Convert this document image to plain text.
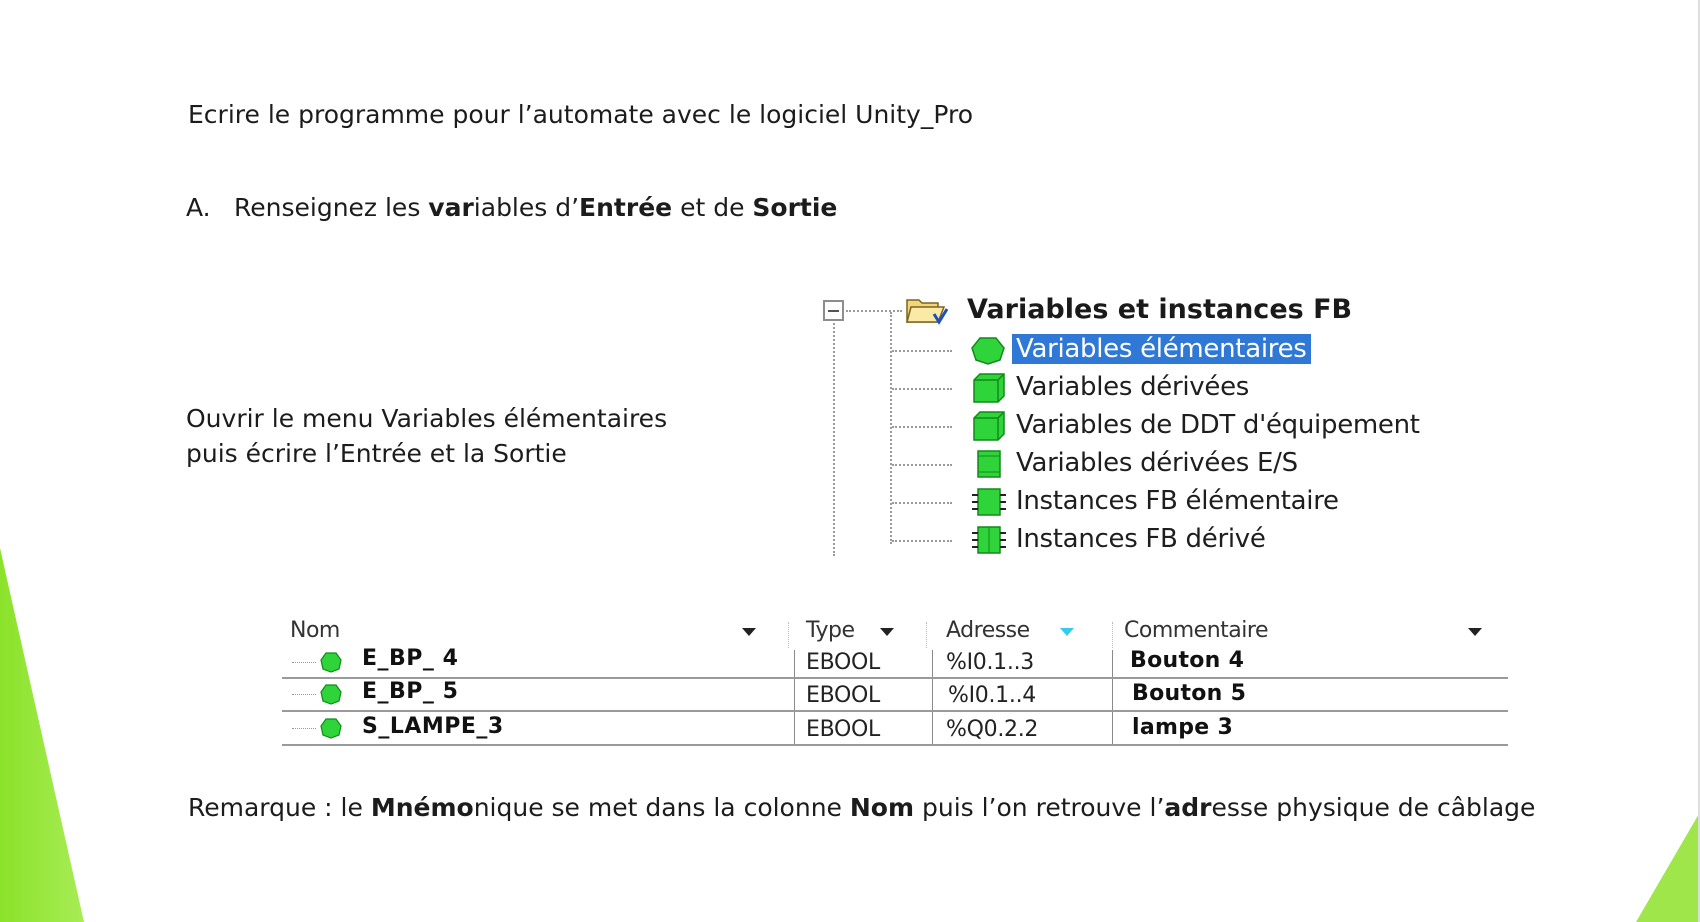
Ecrire le programme pour l’automate avec le logiciel Unity_Pro
A. Renseignez les variables d’Entrée et de Sortie
Ouvrir le menu Variables élémentaires
puis écrire l’Entrée et la Sortie
Variables et instances FB
Variables élémentaires
Variables dérivées
Variables de DDT d'équipement
Variables dérivées E/S
Instances FB élémentaire
Instances FB dérivé
Nom	Type	Adresse	Commentaire
E_BP_ 4	EBOOL	%I0.1..3	Bouton 4
E_BP_ 5	EBOOL	%I0.1..4	Bouton 5
S_LAMPE_3	EBOOL	%Q0.2.2	lampe 3
Remarque : le Mnémonique se met dans la colonne Nom puis l’on retrouve l’adresse physique de câblage
